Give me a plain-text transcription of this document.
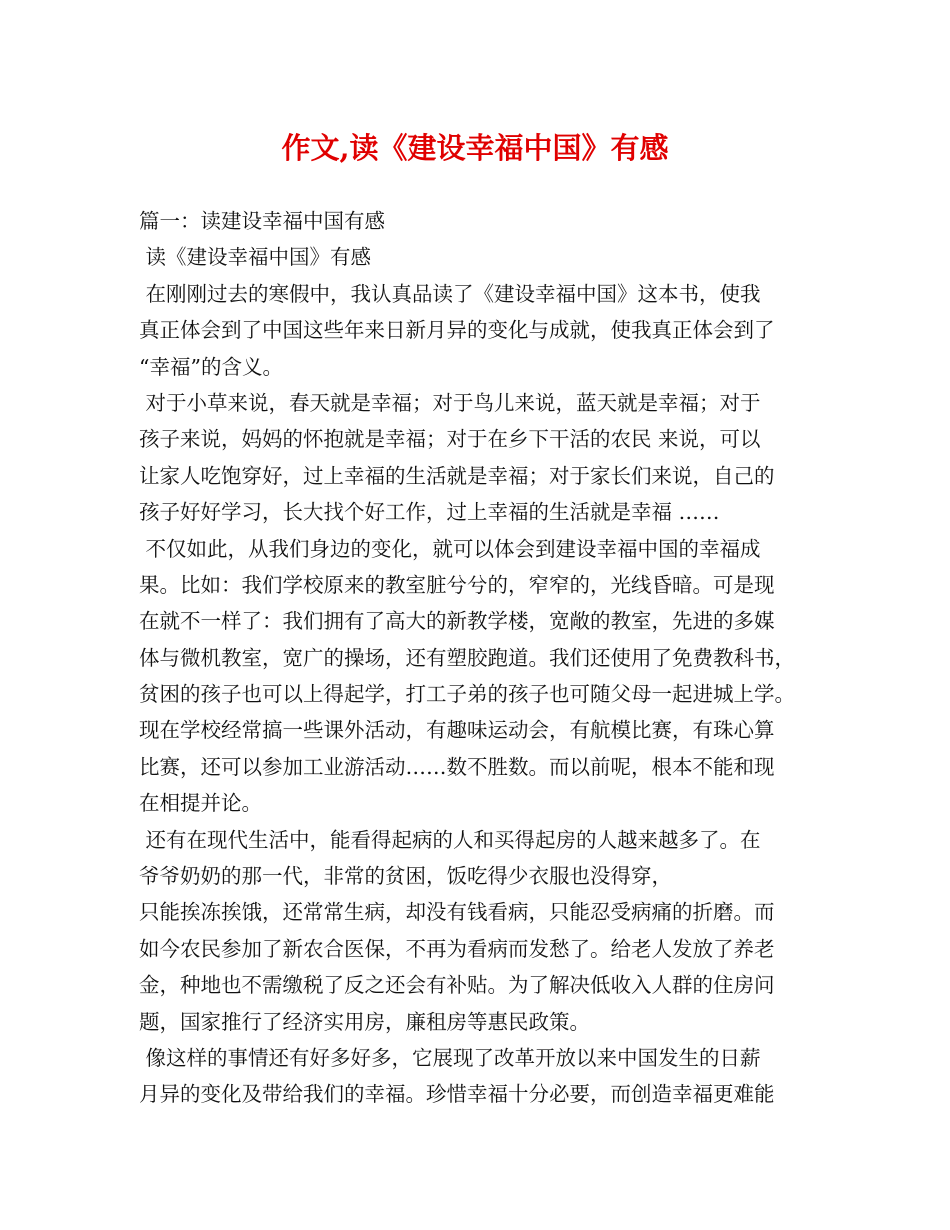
作文,读《建设幸福中国》有感
篇一：读建设幸福中国有感
读《建设幸福中国》有感
在刚刚过去的寒假中，我认真品读了《建设幸福中国》这本书，使我
真正体会到了中国这些年来日新月异的变化与成就，使我真正体会到了
“幸福”的含义。
对于小草来说，春天就是幸福；对于鸟儿来说，蓝天就是幸福；对于
孩子来说，妈妈的怀抱就是幸福；对于在乡下干活的农民 来说，可以
让家人吃饱穿好，过上幸福的生活就是幸福；对于家长们来说，自己的
孩子好好学习，长大找个好工作，过上幸福的生活就是幸福 ……
不仅如此，从我们身边的变化，就可以体会到建设幸福中国的幸福成
果。比如：我们学校原来的教室脏兮兮的，窄窄的，光线昏暗。可是现
在就不一样了：我们拥有了高大的新教学楼，宽敞的教室，先进的多媒
体与微机教室，宽广的操场，还有塑胶跑道。我们还使用了免费教科书，
贫困的孩子也可以上得起学，打工子弟的孩子也可随父母一起进城上学。
现在学校经常搞一些课外活动，有趣味运动会，有航模比赛，有珠心算
比赛，还可以参加工业游活动……数不胜数。而以前呢，根本不能和现
在相提并论。
还有在现代生活中，能看得起病的人和买得起房的人越来越多了。在
爷爷奶奶的那一代，非常的贫困，饭吃得少衣服也没得穿，
只能挨冻挨饿，还常常生病，却没有钱看病，只能忍受病痛的折磨。而
如今农民参加了新农合医保，不再为看病而发愁了。给老人发放了养老
金，种地也不需缴税了反之还会有补贴。为了解决低收入人群的住房问
题，国家推行了经济实用房，廉租房等惠民政策。
像这样的事情还有好多好多，它展现了改革开放以来中国发生的日薪
月异的变化及带给我们的幸福。珍惜幸福十分必要，而创造幸福更难能
